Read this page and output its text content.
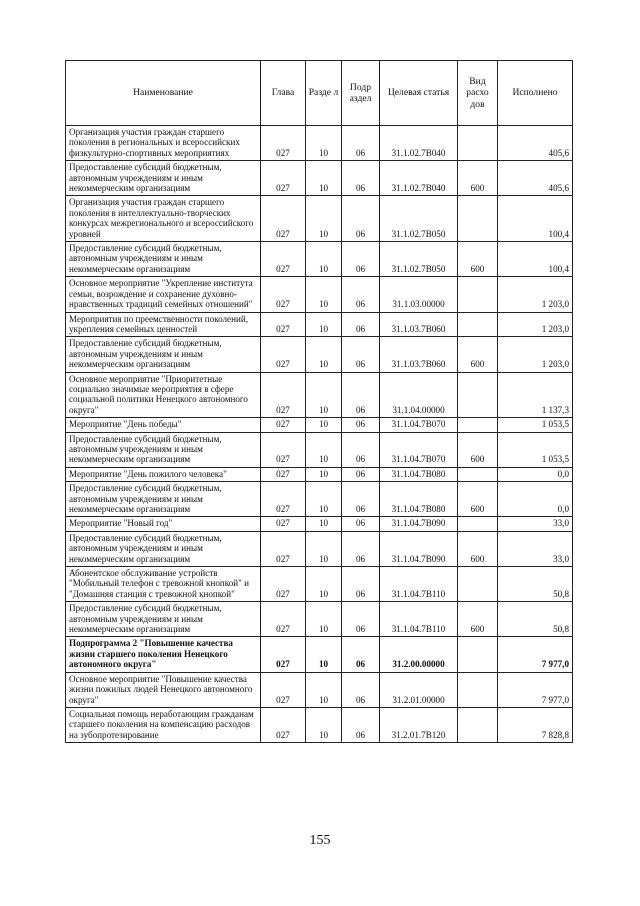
Наименование	Глава	Разде л	Подр аздел	Целевая статья	Вид расхо дов	Исполнено
Организация участия граждан старшего поколения в региональных и всероссийских физкультурно-спортивных мероприятиях	027	10	06	31.1.02.7В040		405,6
Предоставление субсидий бюджетным, автономным учреждениям и иным некоммерческим организациям	027	10	06	31.1.02.7В040	600	405,6
Организация участия граждан старшего поколения в интеллектуально-творческих конкурсах межрегионального и всероссийского уровней	027	10	06	31.1.02.7В050		100,4
Предоставление субсидий бюджетным, автономным учреждениям и иным некоммерческим организациям	027	10	06	31.1.02.7В050	600	100,4
Основное мероприятие "Укрепление института семьи, возрождение и сохранение духовно-нравственных традиций семейных отношений"	027	10	06	31.1.03.00000		1 203,0
Мероприятия по преемственности поколений, укрепления семейных ценностей	027	10	06	31.1.03.7В060		1 203,0
Предоставление субсидий бюджетным, автономным учреждениям и иным некоммерческим организациям	027	10	06	31.1.03.7В060	600	1 203,0
Основное мероприятие "Приоритетные социально значимые мероприятия в сфере социальной политики Ненецкого автономного округа"	027	10	06	31.1.04.00000		1 137,3
Мероприятие "День победы"	027	10	06	31.1.04.7В070		1 053,5
Предоставление субсидий бюджетным, автономным учреждениям и иным некоммерческим организациям	027	10	06	31.1.04.7В070	600	1 053,5
Мероприятие "День пожилого человека"	027	10	06	31.1.04.7В080		0,0
Предоставление субсидий бюджетным, автономным учреждениям и иным некоммерческим организациям	027	10	06	31.1.04.7В080	600	0,0
Мероприятие "Новый год"	027	10	06	31.1.04.7В090		33,0
Предоставление субсидий бюджетным, автономным учреждениям и иным некоммерческим организациям	027	10	06	31.1.04.7В090	600	33,0
Абонентское обслуживание устройств "Мобильный телефон с тревожной кнопкой" и "Домашняя станция с тревожной кнопкой"	027	10	06	31.1.04.7В110		50,8
Предоставление субсидий бюджетным, автономным учреждениям и иным некоммерческим организациям	027	10	06	31.1.04.7В110	600	50,8
Подпрограмма 2 "Повышение качества жизни старшего поколения Ненецкого автономного округа"	027	10	06	31.2.00.00000		7 977,0
Основное мероприятие "Повышение качества жизни пожилых людей Ненецкого автономного округа"	027	10	06	31.2.01.00000		7 977,0
Социальная помощь неработающим гражданам старшего поколения на компенсацию расходов на зубопротезирование	027	10	06	31.2.01.7В120		7 828,8
155
